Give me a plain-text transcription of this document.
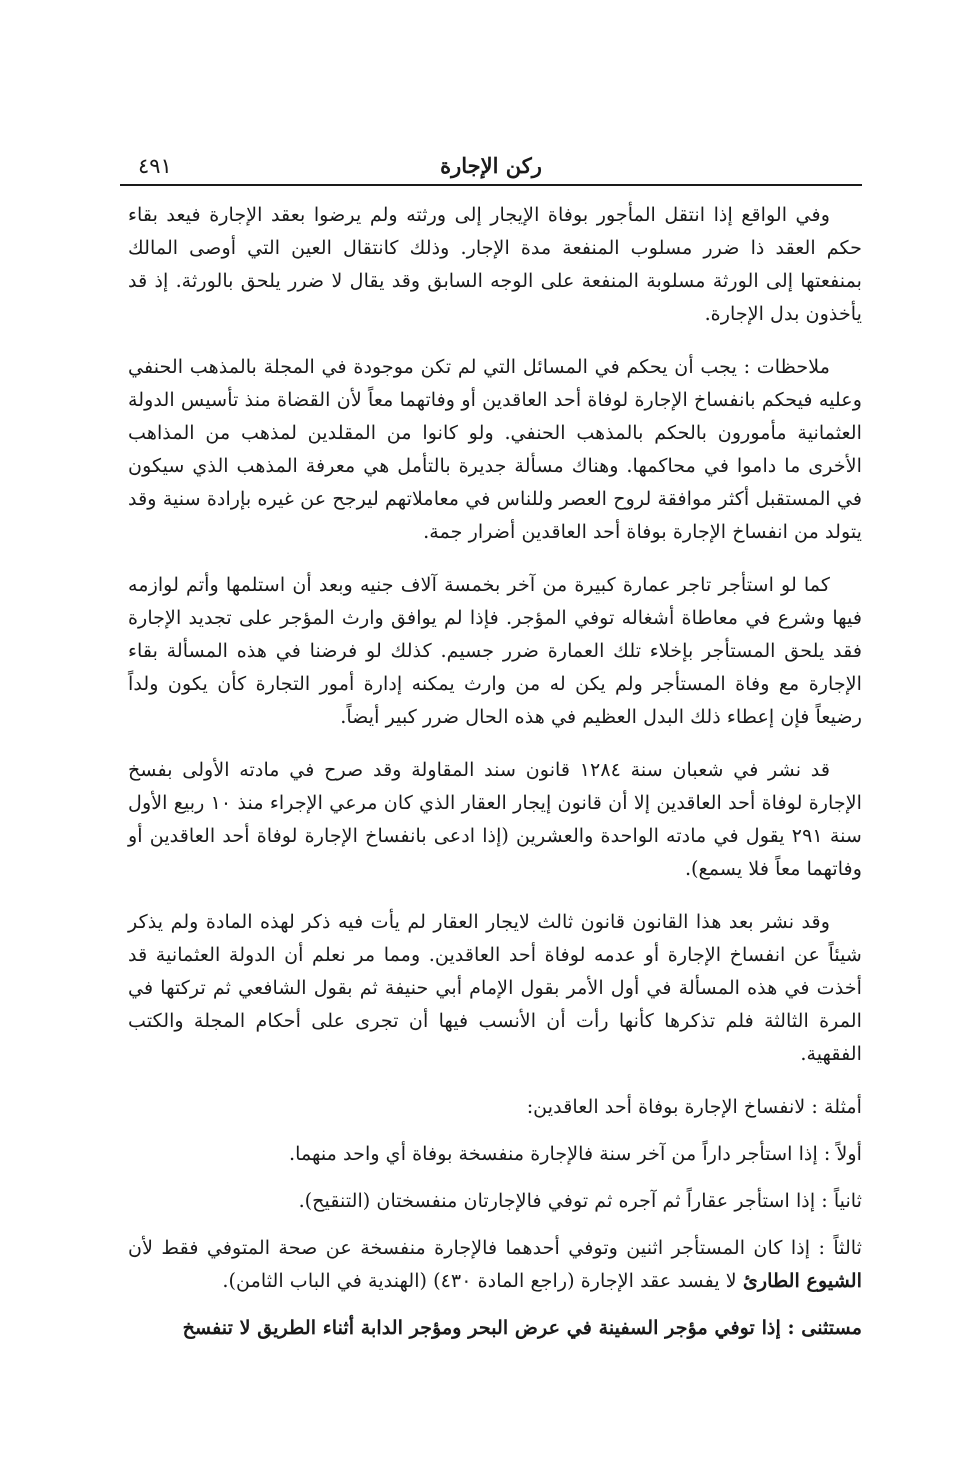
ركن الإجارة
٤٩١

وفي الواقع إذا انتقل المأجور بوفاة الإيجار إلى ورثته ولم يرضوا بعقد الإجارة فيعد بقاء حكم العقد ذا ضرر مسلوب المنفعة مدة الإجار. وذلك كانتقال العين التي أوصى المالك بمنفعتها إلى الورثة مسلوبة المنفعة على الوجه السابق وقد يقال لا ضرر يلحق بالورثة. إذ قد يأخذون بدل الإجارة.

ملاحظات : يجب أن يحكم في المسائل التي لم تكن موجودة في المجلة بالمذهب الحنفي وعليه فيحكم بانفساخ الإجارة لوفاة أحد العاقدين أو وفاتهما معاً لأن القضاة منذ تأسيس الدولة العثمانية مأمورون بالحكم بالمذهب الحنفي. ولو كانوا من المقلدين لمذهب من المذاهب الأخرى ما داموا في محاكمها. وهناك مسألة جديرة بالتأمل هي معرفة المذهب الذي سيكون في المستقبل أكثر موافقة لروح العصر وللناس في معاملاتهم ليرجح عن غيره بإرادة سنية وقد يتولد من انفساخ الإجارة بوفاة أحد العاقدين أضرار جمة.

كما لو استأجر تاجر عمارة كبيرة من آخر بخمسة آلاف جنيه وبعد أن استلمها وأتم لوازمه فيها وشرع في معاطاة أشغاله توفي المؤجر. فإذا لم يوافق وارث المؤجر على تجديد الإجارة فقد يلحق المستأجر بإخلاء تلك العمارة ضرر جسيم. كذلك لو فرضنا في هذه المسألة بقاء الإجارة مع وفاة المستأجر ولم يكن له من وارث يمكنه إدارة أمور التجارة كأن يكون ولداً رضيعاً فإن إعطاء ذلك البدل العظيم في هذه الحال ضرر كبير أيضاً.

قد نشر في شعبان سنة ١٢٨٤ قانون سند المقاولة وقد صرح في مادته الأولى بفسخ الإجارة لوفاة أحد العاقدين إلا أن قانون إيجار العقار الذي كان مرعي الإجراء منذ ١٠ ربيع الأول سنة ٢٩١ يقول في مادته الواحدة والعشرين (إذا ادعى بانفساخ الإجارة لوفاة أحد العاقدين أو وفاتهما معاً فلا يسمع).

وقد نشر بعد هذا القانون قانون ثالث لايجار العقار لم يأت فيه ذكر لهذه المادة ولم يذكر شيئاً عن انفساخ الإجارة أو عدمه لوفاة أحد العاقدين. ومما مر نعلم أن الدولة العثمانية قد أخذت في هذه المسألة في أول الأمر بقول الإمام أبي حنيفة ثم بقول الشافعي ثم تركتها في المرة الثالثة فلم تذكرها كأنها رأت أن الأنسب فيها أن تجرى على أحكام المجلة والكتب الفقهية.

أمثلة : لانفساخ الإجارة بوفاة أحد العاقدين:

أولاً : إذا استأجر داراً من آخر سنة فالإجارة منفسخة بوفاة أي واحد منهما.

ثانياً : إذا استأجر عقاراً ثم آجره ثم توفي فالإجارتان منفسختان (التنقيح).

ثالثاً : إذا كان المستأجر اثنين وتوفي أحدهما فالإجارة منفسخة عن صحة المتوفي فقط لأن الشيوع الطارئ لا يفسد عقد الإجارة (راجع المادة ٤٣٠) (الهندية في الباب الثامن).

مستثنى : إذا توفي مؤجر السفينة في عرض البحر ومؤجر الدابة أثناء الطريق لا تنفسخ
